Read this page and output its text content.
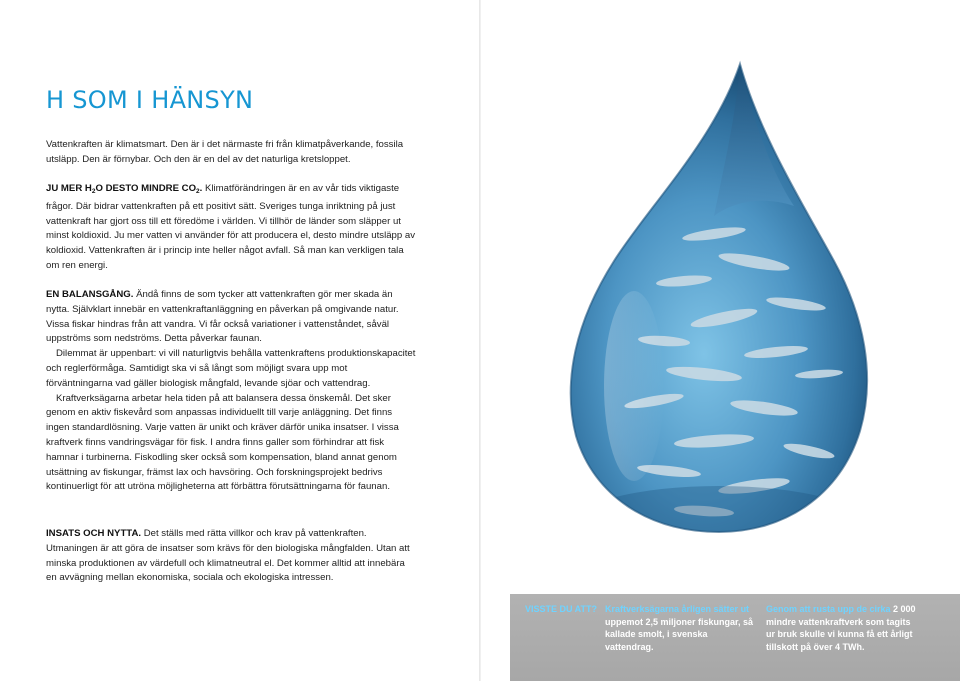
H SOM I HÄNSYN

Vattenkraften är klimatsmart. Den är i det närmaste fri från klimatpåverkande, fossila utsläpp. Den är förnybar. Och den är en del av det naturliga kretsloppet.

JU MER $H_2O$ DESTO MINDRE $CO_2$. Klimatförändringen är en av vår tids viktigaste frågor. Där bidrar vattenkraften på ett positivt sätt. Sveriges tunga inriktning på just vattenkraft har gjort oss till ett föredöme i världen. Vi tillhör de länder som släpper ut minst koldioxid. Ju mer vatten vi använder för att producera el, desto mindre utsläpp av koldioxid. Vattenkraften är i princip inte heller något avfall. Så man kan verkligen tala om ren energi.

EN BALANSGÅNG. Ändå finns de som tycker att vattenkraften gör mer skada än nytta. Självklart innebär en vattenkraftanläggning en påverkan på omgivande natur. Vissa fiskar hindras från att vandra. Vi får också variationer i vattenståndet, såväl uppströms som nedströms. Detta påverkar faunan.

Dilemmat är uppenbart: vi vill naturligtvis behålla vattenkraftens produktionskapacitet och reglerförmåga. Samtidigt ska vi så långt som möjligt svara upp mot förväntningarna vad gäller biologisk mångfald, levande sjöar och vattendrag.

Kraftverksägarna arbetar hela tiden på att balansera dessa önskemål. Det sker genom en aktiv fiskevård som anpassas individuellt till varje anläggning. Det finns ingen standardlösning. Varje vatten är unikt och kräver därför unika insatser. I vissa kraftverk finns vandringsvägar för fisk. I andra finns galler som förhindrar att fisk hamnar i turbinerna. Fiskodling sker också som kompensation, bland annat genom utsättning av fiskungar, främst lax och havsöring. Och forskningsprojekt bedrivs kontinuerligt för att utröna möjligheterna att förbättra förutsättningarna för faunan.

INSATS OCH NYTTA. Det ställs med rätta villkor och krav på vattenkraften. Utmaningen är att göra de insatser som krävs för den biologiska mångfalden. Utan att minska produktionen av värdefull och klimatneutral el. Det kommer alltid att innebära en avvägning mellan ekonomiska, sociala och ekologiska intressen.

VISSTE DU ATT? Kraftverksägarna årligen sätter ut uppemot 2,5 miljoner fiskungar, så kallade smolt, i svenska vattendrag.
Genom att rusta upp de cirka 2 000 mindre vattenkraftverk som tagits ur bruk skulle vi kunna få ett årligt tillskott på över 4 TWh.
